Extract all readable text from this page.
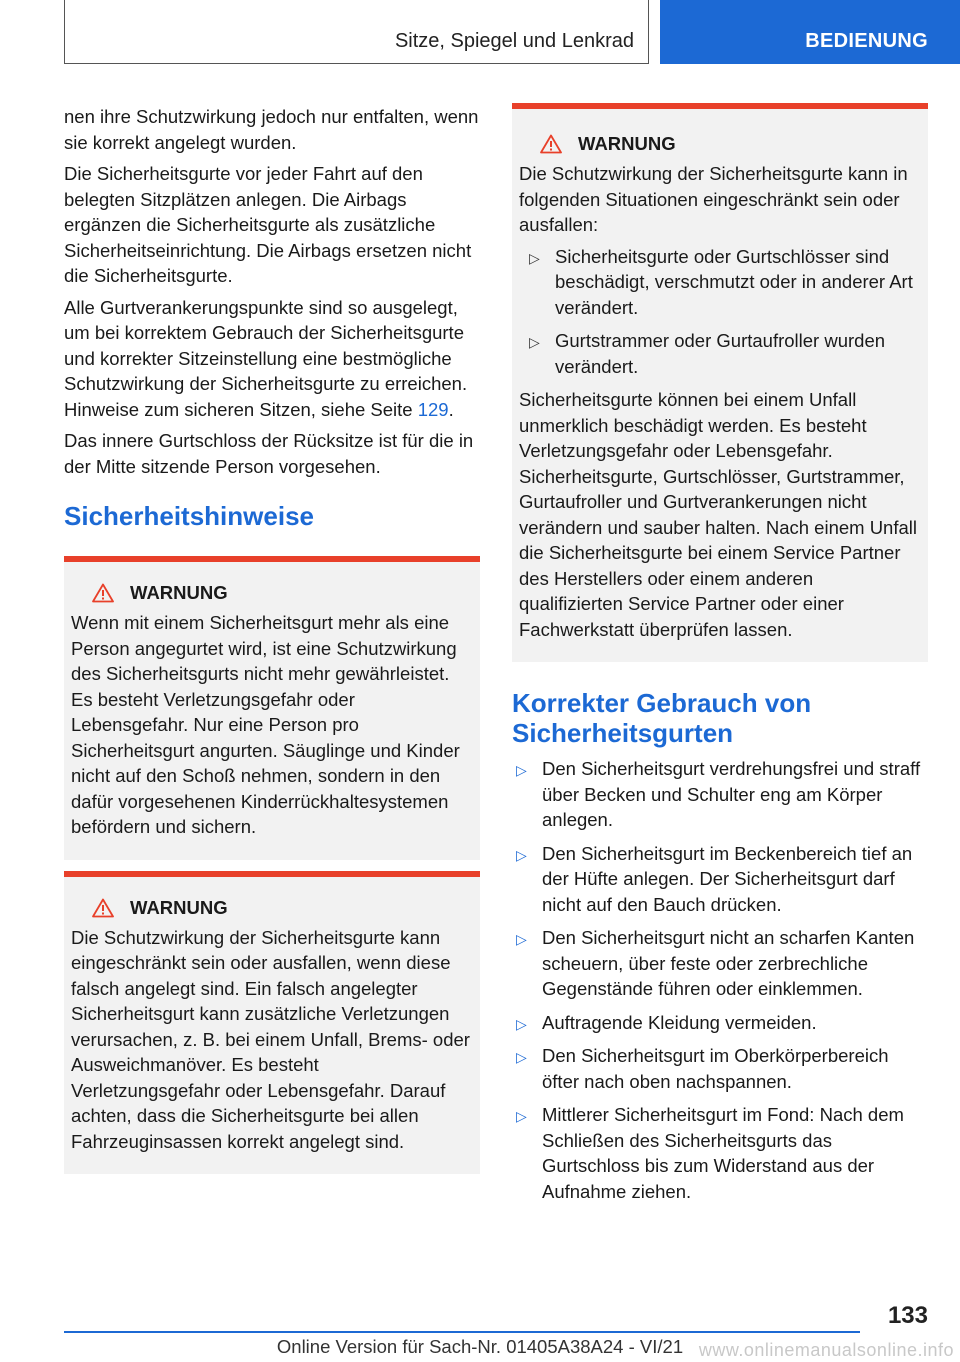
Sitze, Spiegel und Lenkrad	BEDIENUNG

nen ihre Schutzwirkung jedoch nur entfalten, wenn sie korrekt angelegt wurden.

Die Sicherheitsgurte vor jeder Fahrt auf den belegten Sitzplätzen anlegen. Die Airbags ergänzen die Sicherheitsgurte als zusätzliche Sicherheitseinrichtung. Die Airbags ersetzen nicht die Sicherheitsgurte.

Alle Gurtverankerungspunkte sind so ausgelegt, um bei korrektem Gebrauch der Sicherheitsgurte und korrekter Sitzeinstellung eine bestmögliche Schutzwirkung der Sicherheitsgurte zu erreichen. Hinweise zum sicheren Sitzen, siehe Seite 129.

Das innere Gurtschloss der Rücksitze ist für die in der Mitte sitzende Person vorgesehen.

Sicherheitshinweise
WARNUNG

Wenn mit einem Sicherheitsgurt mehr als eine Person angegurtet wird, ist eine Schutzwirkung des Sicherheitsgurts nicht mehr gewährleistet. Es besteht Verletzungsgefahr oder Lebensgefahr. Nur eine Person pro Sicherheitsgurt angurten. Säuglinge und Kinder nicht auf den Schoß nehmen, sondern in den dafür vorgesehenen Kinderrückhaltesystemen befördern und sichern.

WARNUNG

Die Schutzwirkung der Sicherheitsgurte kann eingeschränkt sein oder ausfallen, wenn diese falsch angelegt sind. Ein falsch angelegter Sicherheitsgurt kann zusätzliche Verletzungen verursachen, z. B. bei einem Unfall, Brems- oder Ausweichmanöver. Es besteht Verletzungsgefahr oder Lebensgefahr. Darauf achten, dass die Sicherheitsgurte bei allen Fahrzeuginsassen korrekt angelegt sind.

WARNUNG

Die Schutzwirkung der Sicherheitsgurte kann in folgenden Situationen eingeschränkt sein oder ausfallen:

▷ Sicherheitsgurte oder Gurtschlösser sind beschädigt, verschmutzt oder in anderer Art verändert.
▷ Gurtstrammer oder Gurtaufroller wurden verändert.

Sicherheitsgurte können bei einem Unfall unmerklich beschädigt werden. Es besteht Verletzungsgefahr oder Lebensgefahr. Sicherheitsgurte, Gurtschlösser, Gurtstrammer, Gurtaufroller und Gurtverankerungen nicht verändern und sauber halten. Nach einem Unfall die Sicherheitsgurte bei einem Service Partner des Herstellers oder einem anderen qualifizierten Service Partner oder einer Fachwerkstatt überprüfen lassen.

Korrekter Gebrauch von Sicherheitsgurten
▷ Den Sicherheitsgurt verdrehungsfrei und straff über Becken und Schulter eng am Körper anlegen.
▷ Den Sicherheitsgurt im Beckenbereich tief an der Hüfte anlegen. Der Sicherheitsgurt darf nicht auf den Bauch drücken.
▷ Den Sicherheitsgurt nicht an scharfen Kanten scheuern, über feste oder zerbrechliche Gegenstände führen oder einklemmen.
▷ Auftragende Kleidung vermeiden.
▷ Den Sicherheitsgurt im Oberkörperbereich öfter nach oben nachspannen.
▷ Mittlerer Sicherheitsgurt im Fond: Nach dem Schließen des Sicherheitsgurts das Gurtschloss bis zum Widerstand aus der Aufnahme ziehen.
133
Online Version für Sach-Nr. 01405A38A24 - VI/21 www.onlinemanualsonline.info
